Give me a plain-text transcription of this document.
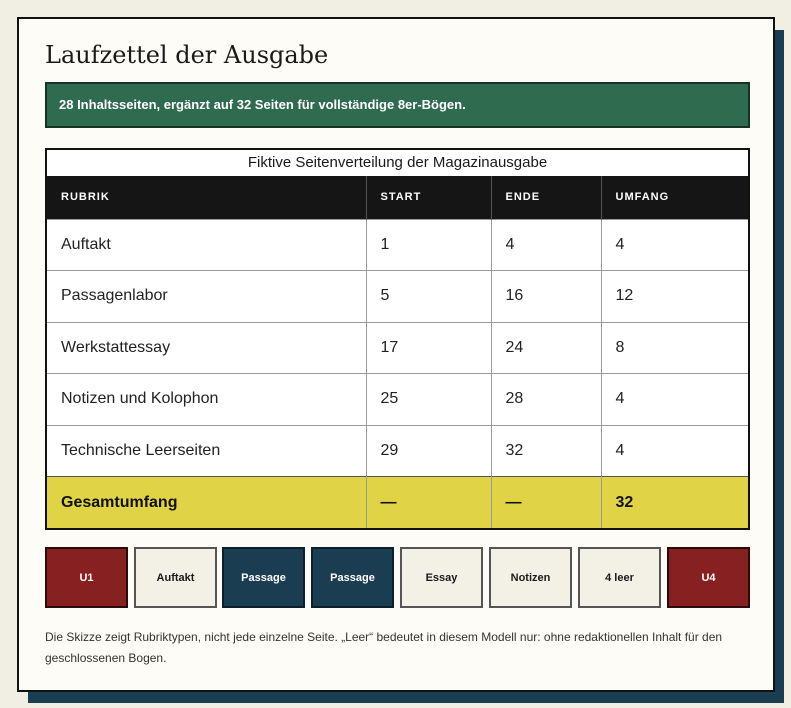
Laufzettel der Ausgabe
28 Inhaltsseiten, ergänzt auf 32 Seiten für vollständige 8er-Bögen.
Fiktive Seitenverteilung der Magazinausgabe
RUBRIK	START	ENDE	UMFANG
Auftakt	1	4	4
Passagenlabor	5	16	12
Werkstattessay	17	24	8
Notizen und Kolophon	25	28	4
Technische Leerseiten	29	32	4
Gesamtumfang	—	—	32
U1	Auftakt	Passage	Passage	Essay	Notizen	4 leer	U4

Die Skizze zeigt Rubriktypen, nicht jede einzelne Seite. „Leer“ bedeutet in diesem Modell nur: ohne redaktionellen Inhalt für den geschlossenen Bogen.
